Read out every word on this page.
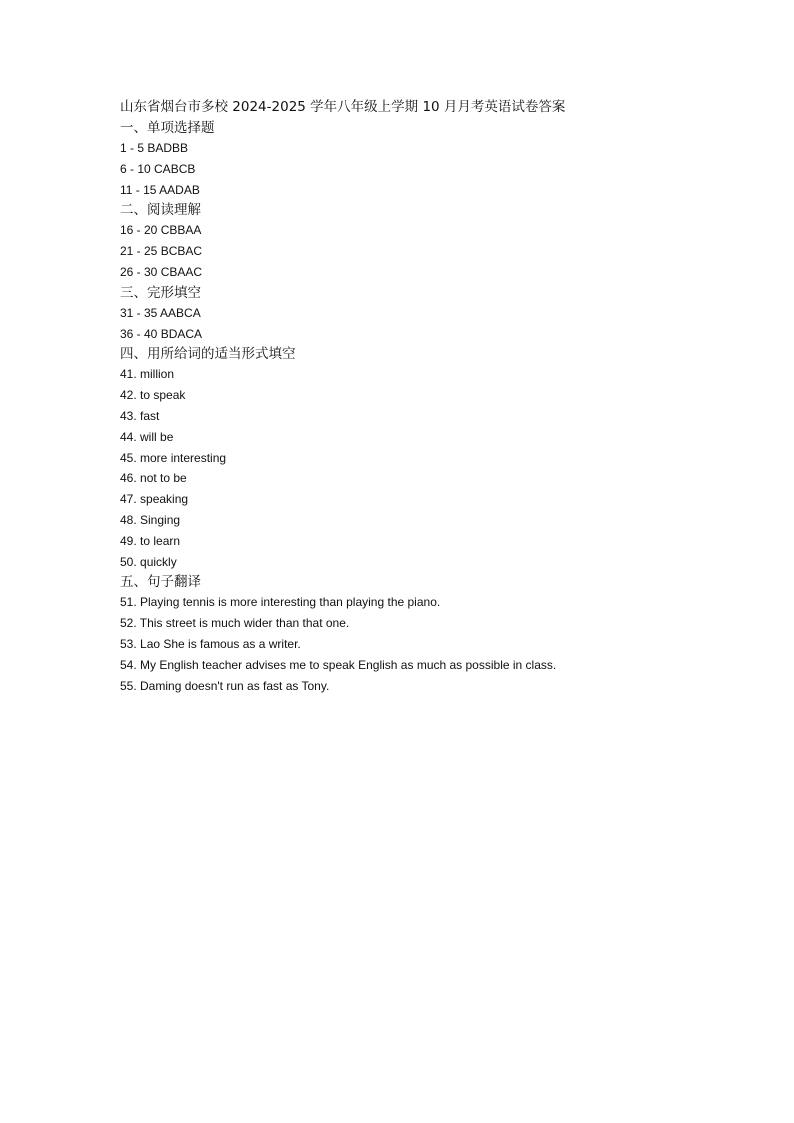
山东省烟台市多校 2024-2025 学年八年级上学期 10 月月考英语试卷答案
一、单项选择题
1 - 5 BADBB
6 - 10 CABCB
11 - 15 AADAB
二、阅读理解
16 - 20 CBBAA
21 - 25 BCBAC
26 - 30 CBAAC
三、完形填空
31 - 35 AABCA
36 - 40 BDACA
四、用所给词的适当形式填空
41. million
42. to speak
43. fast
44. will be
45. more interesting
46. not to be
47. speaking
48. Singing
49. to learn
50. quickly
五、句子翻译
51. Playing tennis is more interesting than playing the piano.
52. This street is much wider than that one.
53. Lao She is famous as a writer.
54. My English teacher advises me to speak English as much as possible in class.
55. Daming doesn't run as fast as Tony.
